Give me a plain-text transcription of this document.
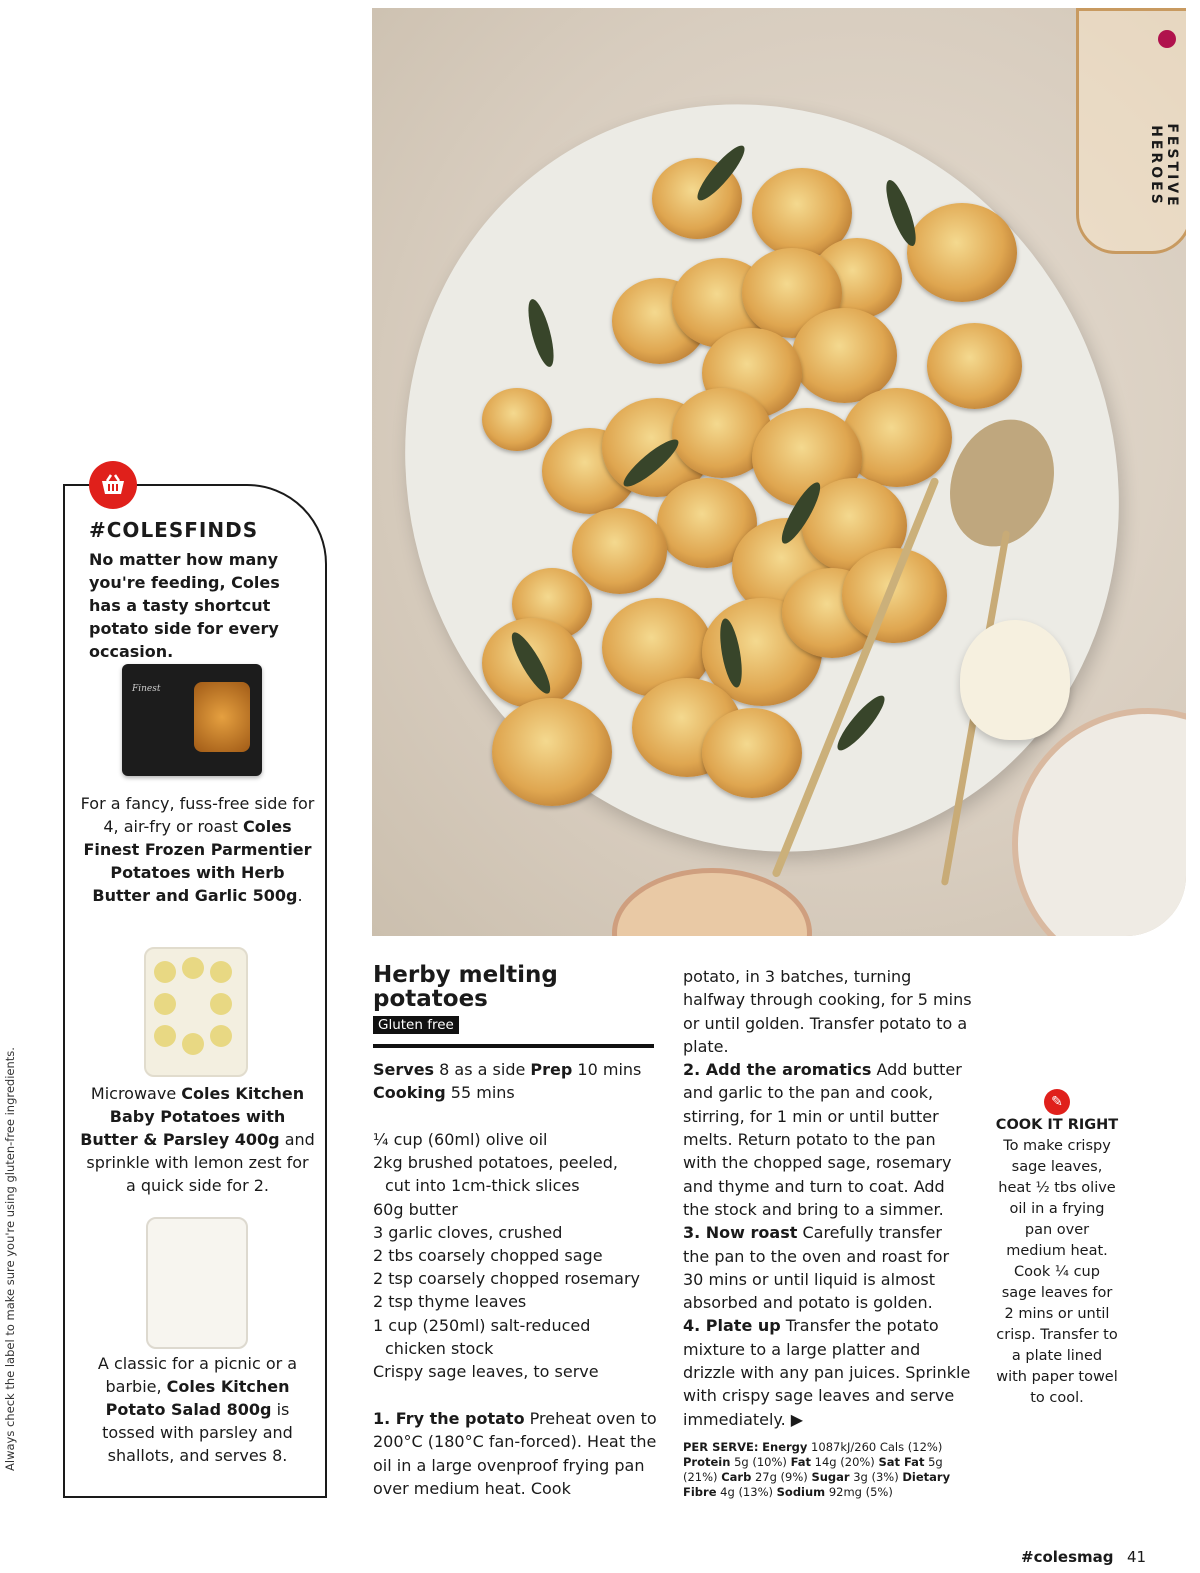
Always check the label to make sure you're using gluten-free ingredients.
FESTIVE HEROES
#COLESFINDS
No matter how many you're feeding, Coles has a tasty shortcut potato side for every occasion.
Finest
For a fancy, fuss-free side for 4, air-fry or roast Coles Finest Frozen Parmentier Potatoes with Herb Butter and Garlic 500g.
Microwave Coles Kitchen Baby Potatoes with Butter & Parsley 400g and sprinkle with lemon zest for a quick side for 2.
A classic for a picnic or a barbie, Coles Kitchen Potato Salad 800g is tossed with parsley and shallots, and serves 8.
Herby melting potatoes
Gluten free
Serves 8 as a side Prep 10 mins
Cooking 55 mins
¼ cup (60ml) olive oil
2kg brushed potatoes, peeled,
cut into 1cm-thick slices
60g butter
3 garlic cloves, crushed
2 tbs coarsely chopped sage
2 tsp coarsely chopped rosemary
2 tsp thyme leaves
1 cup (250ml) salt-reduced
chicken stock
Crispy sage leaves, to serve
1. Fry the potato Preheat oven to 200°C (180°C fan-forced). Heat the oil in a large ovenproof frying pan over medium heat. Cook
potato, in 3 batches, turning halfway through cooking, for 5 mins or until golden. Transfer potato to a plate.
2. Add the aromatics Add butter and garlic to the pan and cook, stirring, for 1 min or until butter melts. Return potato to the pan with the chopped sage, rosemary and thyme and turn to coat. Add the stock and bring to a simmer.
3. Now roast Carefully transfer the pan to the oven and roast for 30 mins or until liquid is almost absorbed and potato is golden.
4. Plate up Transfer the potato mixture to a large platter and drizzle with any pan juices. Sprinkle with crispy sage leaves and serve immediately. ▶
PER SERVE: Energy 1087kJ/260 Cals (12%) Protein 5g (10%) Fat 14g (20%) Sat Fat 5g (21%) Carb 27g (9%) Sugar 3g (3%) Dietary Fibre 4g (13%) Sodium 92mg (5%)
✎
COOK IT RIGHT
To make crispy sage leaves, heat ½ tbs olive oil in a frying pan over medium heat. Cook ¼ cup sage leaves for 2 mins or until crisp. Transfer to a plate lined with paper towel to cool.
#colesmag 41
